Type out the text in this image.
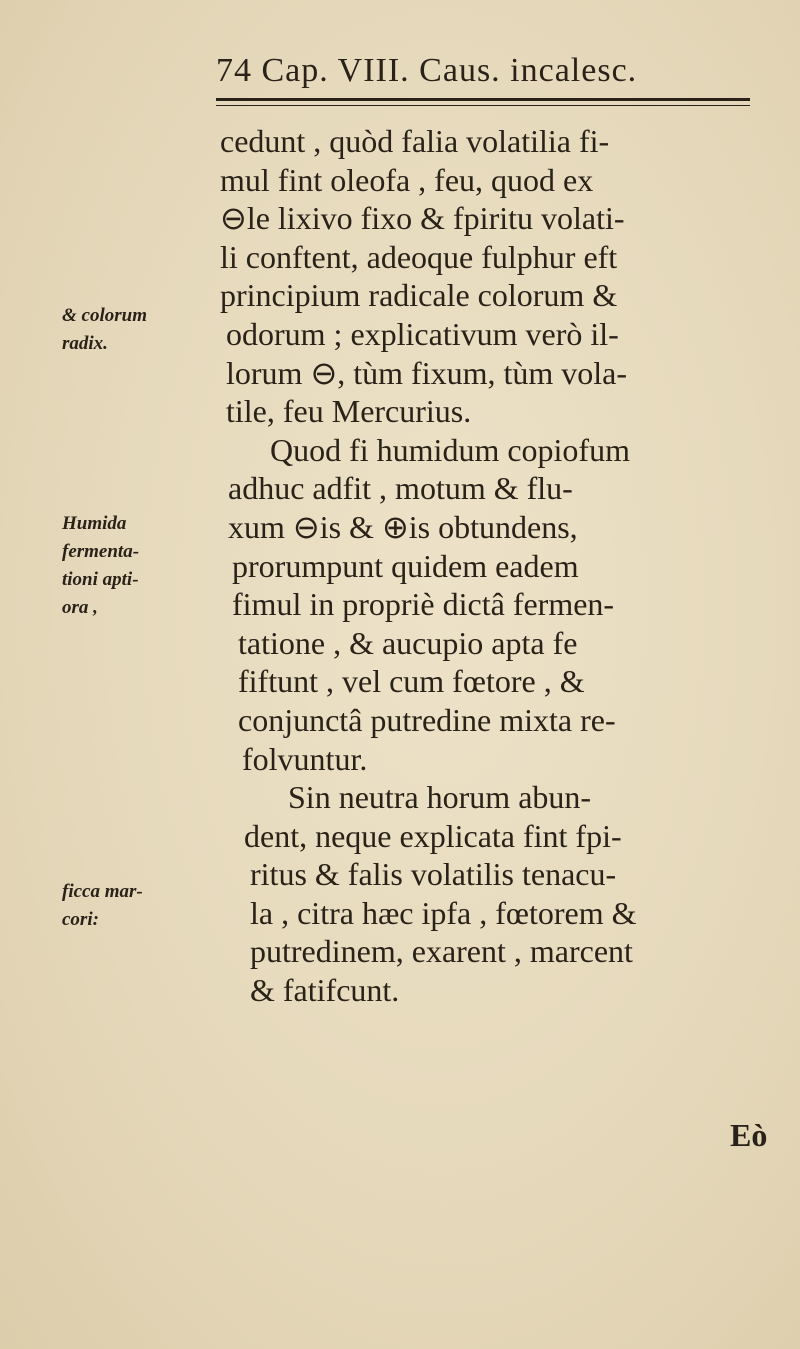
74 Cap. VIII. Caus. incalesc.
cedunt , quòd falia volatilia fi-
mul fint oleofa , feu, quod ex
⊖le lixivo fixo & fpiritu volati-
li conftent, adeoque fulphur eft
principium radicale colorum &
odorum ; explicativum verò il-
lorum ⊖, tùm fixum, tùm vola-
tile, feu Mercurius.
Quod fi humidum copiofum
adhuc adfit , motum & flu-
xum ⊖is & ⊕is obtundens,
prorumpunt quidem eadem
fimul in propriè dictâ fermen-
tatione , & aucupio apta fe
fiftunt , vel cum fœtore , &
conjunctâ putredine mixta re-
folvuntur.
Sin neutra horum abun-
dent, neque explicata fint fpi-
ritus & falis volatilis tenacu-
la , citra hæc ipfa , fœtorem &
putredinem, exarent , marcent
& fatifcunt.
& colorum
radix.
Humida
fermenta-
tioni apti-
ora ,
ficca mar-
cori:
Eò
